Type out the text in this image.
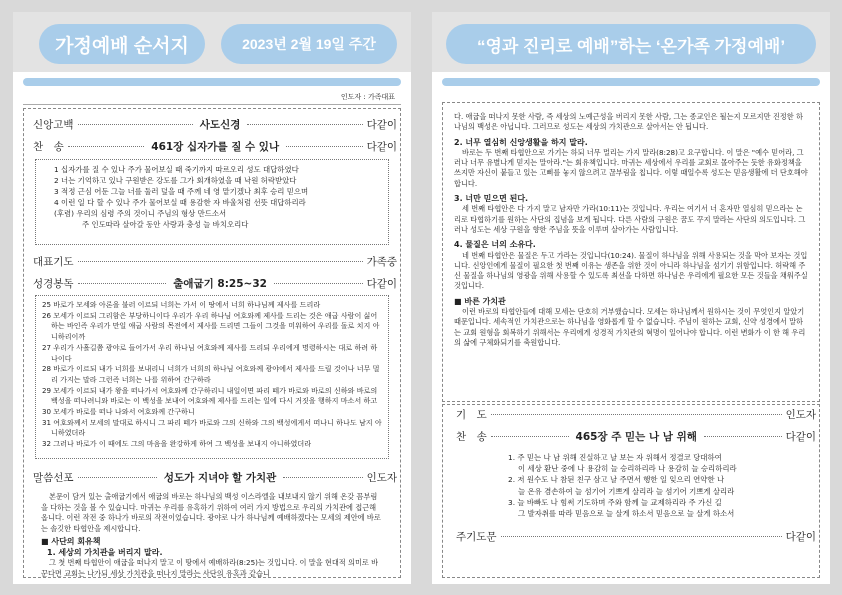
가정예배 순서지	2023년 2월 19일 주간
인도자 : 가족대표
신앙고백	사도신경	다같이
찬　송	461장 십자가를 질 수 있나	다같이

1 십자가를 질 수 있나 주가 물어보실 때 죽기까지 따르오리 성도 대답하였다

2 너는 기억하고 있나 구원받은 강도를 그가 회개하였을 때 낙원 허락받았다

3 적정 근심 어둔 그늘 너를 둘러 덮을 때 주께 네 영 맡기겠나 최후 승리 믿으며

4 이런 일 다 할 수 있나 주가 물어보실 때 용감한 자 바울처럼 선뜻 대답하리라

(후렴) 우리의 심령 주의 것이니 주님의 형상 만드소서

주 인도따라 살아갈 동안 사랑과 충성 늘 바치오리다

대표기도	가족중
성경봉독	출애굽기 8:25~32	다같이

25 바로가 모세와 아론을 불러 이르되 너희는 가서 이 땅에서 너희 하나님께 제사를 드리라

26 모세가 이르되 그리함은 부당하니이다 우리가 우리 하나님 여호와께 제사를 드리는 것은 애굽 사람이 싫어하는 바인즉 우리가 만일 애굽 사람의 목전에서 제사를 드리면 그들이 그것을 미워하여 우리를 돌로 치지 아니하리이까

27 우리가 사흘길쯤 광야로 들어가서 우리 하나님 여호와께 제사를 드리되 우리에게 명령하시는 대로 하려 하나이다

28 바로가 이르되 내가 너희를 보내리니 너희가 너희의 하나님 여호와께 광야에서 제사를 드릴 것이나 너무 멀리 가지는 말라 그런즉 너희는 나를 위하여 간구하라

29 모세가 이르되 내가 왕을 떠나가서 여호와께 간구하리니 내일이면 파리 떼가 바로와 바로의 신하와 바로의 백성을 떠나려니와 바로는 이 백성을 보내어 여호와께 제사를 드리는 일에 다시 거짓을 행하지 마소서 하고

30 모세가 바로를 떠나 나와서 여호와께 간구하니

31 여호와께서 모세의 말대로 하시니 그 파리 떼가 바로와 그의 신하와 그의 백성에게서 떠나니 하나도 남지 아니하였더라

32 그러나 바로가 이 때에도 그의 마음을 완강하게 하여 그 백성을 보내지 아니하였더라

말씀선포	성도가 지녀야 할 가치관	인도자

본문이 담겨 있는 출애굽기에서 애굽의 바로는 하나님의 백성 이스라엘을 내보내지 않기 위해 온갖 꼼부림을 다하는 것을 볼 수 있습니다. 마귀는 우리를 유혹하기 위하여 여러 가지 방법으로 우리의 가치관에 접근해 옵니다. 이런 작전 중 하나가 바로의 작전이었습니다. 광야로 나가 하나님께 예배하겠다는 모세의 제안에 바로는 솔깃한 타협안을 제시합니다.

■ 사단의 회유책

1. 세상의 가치관을 버리지 말라.

그 첫 번째 타협안이 애굽을 떠나지 말고 이 땅에서 예배하라(8:25)는 것입니다. 이 말을 현대적 의미로 바꾼다면 교회는 나가되 세상 가치관을 떠나지 말라는 사단의 유혹과 같습니

“영과 진리로 예배”하는 ‘온가족 가정예배’

다. 애굽을 떠나지 못한 사람, 즉 세상의 노예근성을 버리지 못한 사람, 그는 종교인은 될는지 모르지만 진정한 하나님의 백성은 아닙니다. 그러므로 성도는 세상의 가치관으로 살아서는 안 됩니다.

2. 너무 열심히 신앙생활을 하지 말라.

바로는 두 번째 타협안으로 가기는 하되 너무 멀리는 가지 말라(8:28)고 요구합니다. 이 말은 "예수 믿어라, 그러나 너무 유별나게 믿지는 말아라."는 회유책입니다. 마귀는 세상에서 우리를 교회로 몰아주는 듯한 유화정책을 쓰지만 자신이 붙들고 있는 고삐를 놓지 않으려고 끊부림을 칩니다. 이렇 때일수록 성도는 믿음생활에 더 단호해야 합니다.

3. 너만 믿으면 된다.

세 번째 타협안은 다 가지 말고 남자만 가라(10:11)는 것입니다. 우리는 여기서 너 혼자만 열심히 믿으라는 논리로 타협하기를 원하는 사단의 집념을 보게 됩니다. 다른 사람의 구원은 꿈도 꾸지 말라는 사단의 의도입니다. 그러나 성도는 세상 구원을 향한 주님을 뜻을 이루며 살아가는 사람입니다.

4. 물질은 너의 소유다.

네 번째 타협안은 물질은 두고 가라는 것입니다(10:24). 물질이 하나님을 위해 사용되는 것을 막아 보자는 것입니다. 신앙인에게 물질이 필요한 첫 번째 이유는 생존을 위한 것이 아니라 하나님을 섬기기 위함입니다. 허락해 주신 물질을 하나님의 영광을 위해 사용할 수 있도록 최선을 다하면 하나님은 우리에게 필요한 모든 것들을 채워주실 것입니다.

■ 바른 가치관

이런 바로의 타협안들에 대해 모세는 단호히 거부했습니다. 모세는 하나님께서 원하시는 것이 무엇인지 알았기 때문입니다. 세속적인 가치관으로는 하나님을 영화롭게 할 수 없습니다. 주님이 원하는 교회, 신약 성경에서 말하는 교회 원형을 회복하기 위해서는 우리에게 성경적 가치관의 혁명이 일어나야 합니다. 이런 변화가 이 한 해 우리의 삶에 구체화되기를 축원합니다.

기　도	인도자
찬　송	465장 주 믿는 나 남 위해	다같이

1. 주 믿는 나 남 위해 진실하고 날 보는 자 위해서 정결코 당대하여

이 세상 환난 중에 나 용감히 늘 승리하리라 나 용감히 늘 승리하리라

2. 저 원수도 나 참된 친구 삼고 날 주면서 행한 일 잊으리 연약한 나

늘 온유 겸손하여 늘 섬기어 기쁘게 살리라 늘 섬기어 기쁘게 살리라

3. 늘 바빠도 나 힘써 기도하며 주와 함께 늘 교제하리라 주 가신 길

그 발자취를 따라 믿음으로 늘 살게 하소서 믿음으로 늘 살게 하소서

주기도문	다같이
